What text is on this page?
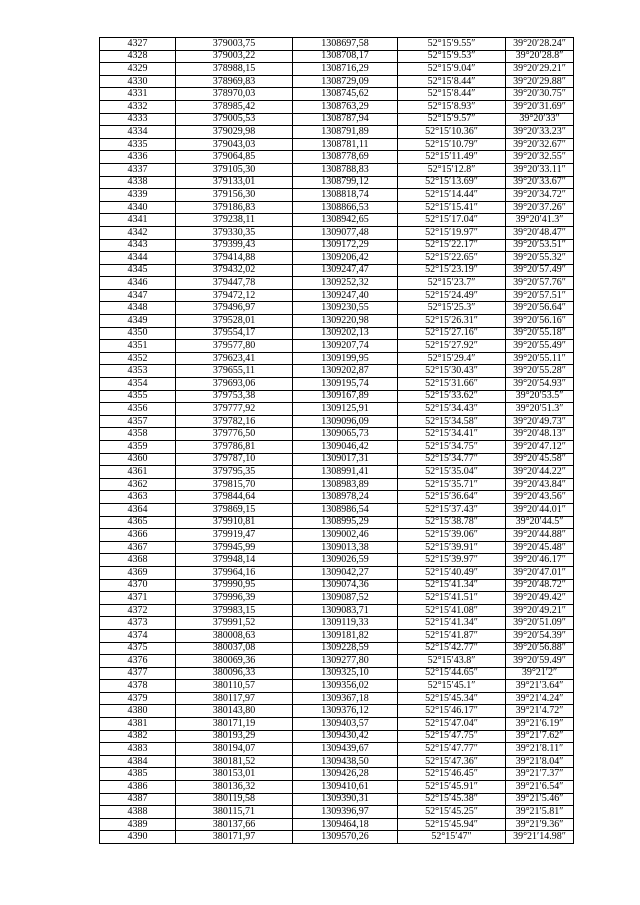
4327	379003,75	1308697,58	52°15′9.55″	39°20′28.24″
4328	379003,22	1308708,17	52°15′9.53″	39°20′28.8″
4329	378988,15	1308716,29	52°15′9.04″	39°20′29.21″
4330	378969,83	1308729,09	52°15′8.44″	39°20′29.88″
4331	378970,03	1308745,62	52°15′8.44″	39°20′30.75″
4332	378985,42	1308763,29	52°15′8.93″	39°20′31.69″
4333	379005,53	1308787,94	52°15′9.57″	39°20′33″
4334	379029,98	1308791,89	52°15′10.36″	39°20′33.23″
4335	379043,03	1308781,11	52°15′10.79″	39°20′32.67″
4336	379064,85	1308778,69	52°15′11.49″	39°20′32.55″
4337	379105,30	1308788,83	52°15′12.8″	39°20′33.11″
4338	379133,01	1308799,12	52°15′13.69″	39°20′33.67″
4339	379156,30	1308818,74	52°15′14.44″	39°20′34.72″
4340	379186,83	1308866,53	52°15′15.41″	39°20′37.26″
4341	379238,11	1308942,65	52°15′17.04″	39°20′41.3″
4342	379330,35	1309077,48	52°15′19.97″	39°20′48.47″
4343	379399,43	1309172,29	52°15′22.17″	39°20′53.51″
4344	379414,88	1309206,42	52°15′22.65″	39°20′55.32″
4345	379432,02	1309247,47	52°15′23.19″	39°20′57.49″
4346	379447,78	1309252,32	52°15′23.7″	39°20′57.76″
4347	379472,12	1309247,40	52°15′24.49″	39°20′57.51″
4348	379496,97	1309230,55	52°15′25.3″	39°20′56.64″
4349	379528,01	1309220,98	52°15′26.31″	39°20′56.16″
4350	379554,17	1309202,13	52°15′27.16″	39°20′55.18″
4351	379577,80	1309207,74	52°15′27.92″	39°20′55.49″
4352	379623,41	1309199,95	52°15′29.4″	39°20′55.11″
4353	379655,11	1309202,87	52°15′30.43″	39°20′55.28″
4354	379693,06	1309195,74	52°15′31.66″	39°20′54.93″
4355	379753,38	1309167,89	52°15′33.62″	39°20′53.5″
4356	379777,92	1309125,91	52°15′34.43″	39°20′51.3″
4357	379782,16	1309096,09	52°15′34.58″	39°20′49.73″
4358	379776,50	1309065,73	52°15′34.41″	39°20′48.13″
4359	379786,81	1309046,42	52°15′34.75″	39°20′47.12″
4360	379787,10	1309017,31	52°15′34.77″	39°20′45.58″
4361	379795,35	1308991,41	52°15′35.04″	39°20′44.22″
4362	379815,70	1308983,89	52°15′35.71″	39°20′43.84″
4363	379844,64	1308978,24	52°15′36.64″	39°20′43.56″
4364	379869,15	1308986,54	52°15′37.43″	39°20′44.01″
4365	379910,81	1308995,29	52°15′38.78″	39°20′44.5″
4366	379919,47	1309002,46	52°15′39.06″	39°20′44.88″
4367	379945,99	1309013,38	52°15′39.91″	39°20′45.48″
4368	379948,14	1309026,59	52°15′39.97″	39°20′46.17″
4369	379964,16	1309042,27	52°15′40.49″	39°20′47.01″
4370	379990,95	1309074,36	52°15′41.34″	39°20′48.72″
4371	379996,39	1309087,52	52°15′41.51″	39°20′49.42″
4372	379983,15	1309083,71	52°15′41.08″	39°20′49.21″
4373	379991,52	1309119,33	52°15′41.34″	39°20′51.09″
4374	380008,63	1309181,82	52°15′41.87″	39°20′54.39″
4375	380037,08	1309228,59	52°15′42.77″	39°20′56.88″
4376	380069,36	1309277,80	52°15′43.8″	39°20′59.49″
4377	380096,33	1309325,10	52°15′44.65″	39°21′2″
4378	380110,57	1309356,02	52°15′45.1″	39°21′3.64″
4379	380117,97	1309367,18	52°15′45.34″	39°21′4.24″
4380	380143,80	1309376,12	52°15′46.17″	39°21′4.72″
4381	380171,19	1309403,57	52°15′47.04″	39°21′6.19″
4382	380193,29	1309430,42	52°15′47.75″	39°21′7.62″
4383	380194,07	1309439,67	52°15′47.77″	39°21′8.11″
4384	380181,52	1309438,50	52°15′47.36″	39°21′8.04″
4385	380153,01	1309426,28	52°15′46.45″	39°21′7.37″
4386	380136,32	1309410,61	52°15′45.91″	39°21′6.54″
4387	380119,58	1309390,31	52°15′45.38″	39°21′5.46″
4388	380115,71	1309396,97	52°15′45.25″	39°21′5.81″
4389	380137,66	1309464,18	52°15′45.94″	39°21′9.36″
4390	380171,97	1309570,26	52°15′47″	39°21′14.98″
